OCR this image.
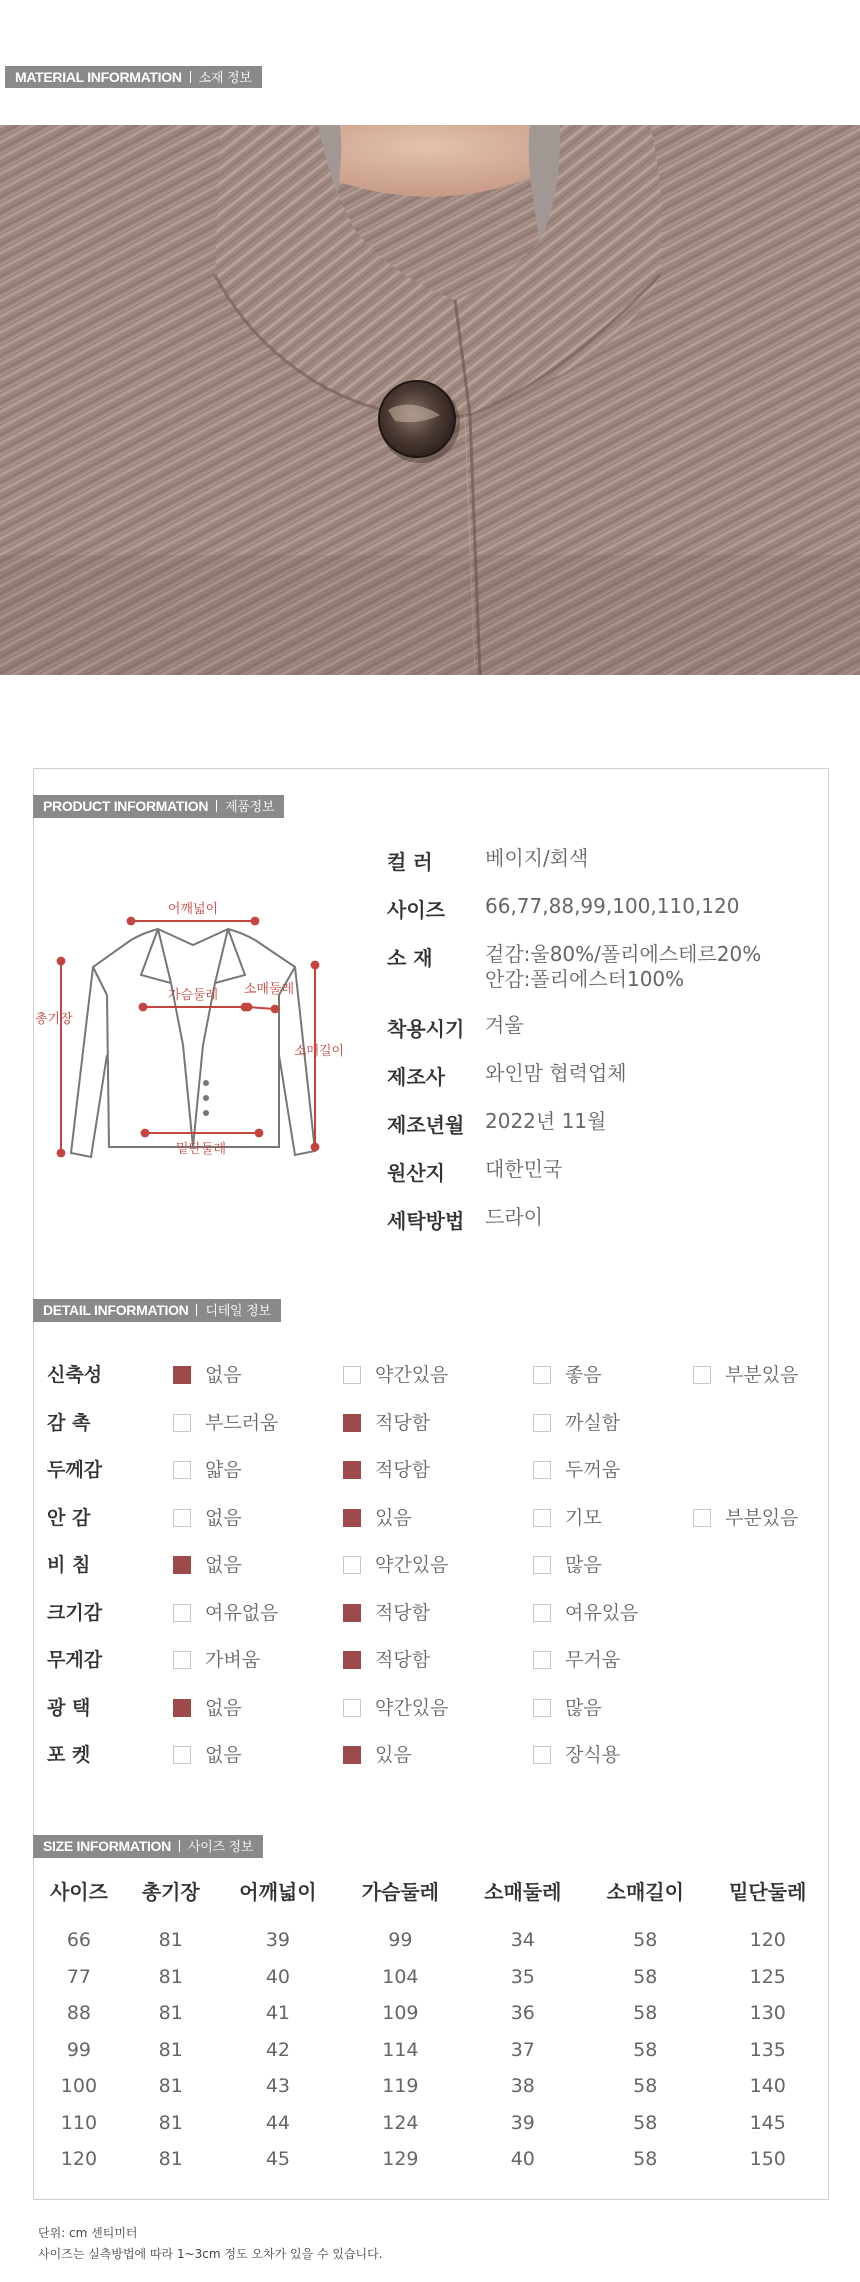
MATERIAL INFORMATION 소재 정보
PRODUCT INFORMATION 제품정보
어깨넓이
총기장
가슴둘레 소매둘레
소매길이
밑단둘레
컬 러	베이지/회색
사이즈	66,77,88,99,100,110,120
소 재	겉감:울80%/폴리에스테르20%
안감:폴리에스터100%
착용시기	겨울
제조사	와인맘 협력업체
제조년월	2022년 11월
원산지	대한민국
세탁방법	드라이
DETAIL INFORMATION 디테일 정보
신축성	없음	약간있음	좋음	부분있음
감 촉	부드러움	적당함	까실함
두께감	얇음	적당함	두꺼움
안 감	없음	있음	기모	부분있음
비 침	없음	약간있음	많음
크기감	여유없음	적당함	여유있음
무게감	가벼움	적당함	무거움
광 택	없음	약간있음	많음
포 켓	없음	있음	장식용
SIZE INFORMATION 사이즈 정보
사이즈	총기장	어깨넓이	가슴둘레	소매둘레	소매길이	밑단둘레

66	81	39	99	34	58	120
77	81	40	104	35	58	125
88	81	41	109	36	58	130
99	81	42	114	37	58	135
100	81	43	119	38	58	140
110	81	44	124	39	58	145
120	81	45	129	40	58	150
단위: cm 센티미터
사이즈는 실측방법에 따라 1~3cm 정도 오차가 있을 수 있습니다.
